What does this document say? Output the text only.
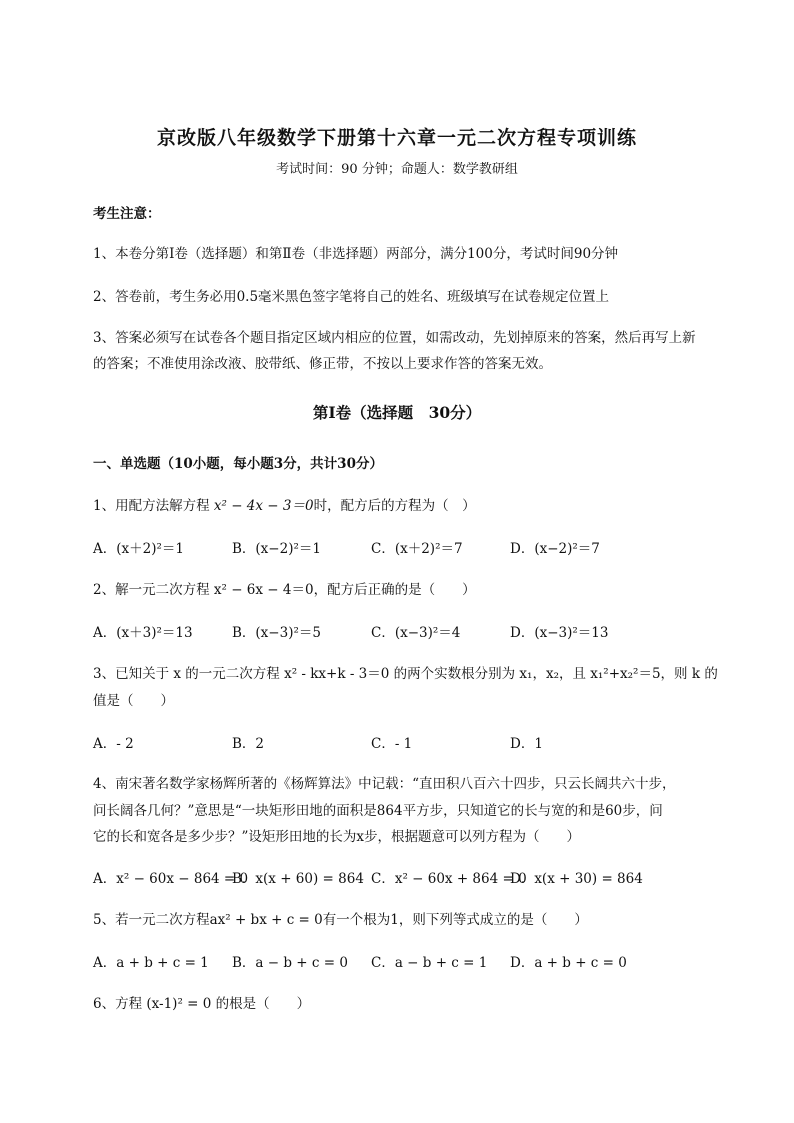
京改版八年级数学下册第十六章一元二次方程专项训练
考试时间：90 分钟；命题人：数学教研组
考生注意：
1、本卷分第Ⅰ卷（选择题）和第Ⅱ卷（非选择题）两部分，满分100分，考试时间90分钟
2、答卷前，考生务必用0.5毫米黑色签字笔将自己的姓名、班级填写在试卷规定位置上
3、答案必须写在试卷各个题目指定区域内相应的位置，如需改动，先划掉原来的答案，然后再写上新
的答案；不准使用涂改液、胶带纸、修正带，不按以上要求作答的答案无效。
第Ⅰ卷（选择题　30分）
一、单选题（10小题，每小题3分，共计30分）
1、用配方法解方程 x² − 4x − 3＝0时，配方后的方程为（　）
A．(x＋2)²＝1	B．(x−2)²＝1	C．(x＋2)²＝7	D．(x−2)²＝7
2、解一元二次方程 x² − 6x − 4＝0，配方后正确的是（　　）
A．(x＋3)²＝13	B．(x−3)²＝5	C．(x−3)²＝4	D．(x−3)²＝13
3、已知关于 x 的一元二次方程 x² - kx+k - 3＝0 的两个实数根分别为 x₁，x₂，且 x₁²+x₂²＝5，则 k 的
值是（　　）
A．- 2	B．2	C．- 1	D．1
4、南宋著名数学家杨辉所著的《杨辉算法》中记载：“直田积八百六十四步，只云长阔共六十步，
问长阔各几何？”意思是“一块矩形田地的面积是864平方步，只知道它的长与宽的和是60步，问
它的长和宽各是多少步？”设矩形田地的长为x步，根据题意可以列方程为（　　）
A．x² − 60x − 864 = 0
B．x(x + 60) = 864 C．x² − 60x + 864 = 0
D．x(x + 30) = 864
5、若一元二次方程ax² + bx + c = 0有一个根为1，则下列等式成立的是（　　）
A．a + b + c = 1 B．a − b + c = 0 C．a − b + c = 1 D．a + b + c = 0
6、方程 (x-1)² = 0 的根是（　　）
